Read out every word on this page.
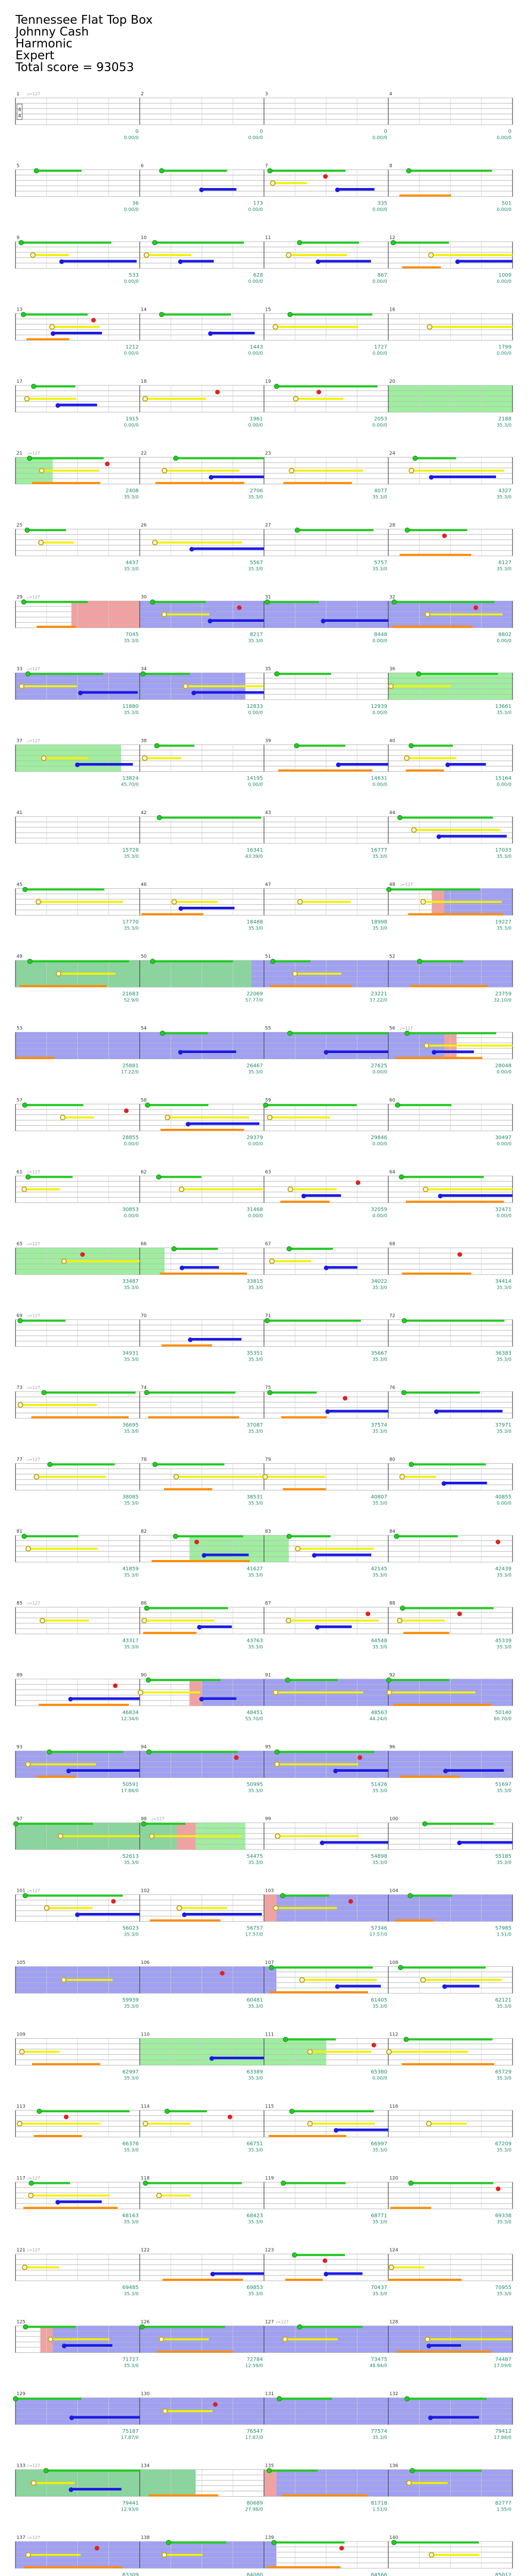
Tennessee Flat Top Box
Johnny Cash
Harmonic
Expert
Total score = 93053
1 ♩=127
0
0.00/0
2
0
0.00/0
3
0
0.00/0
4
0
0.00/0
4
4
5
36
0.00/0
6
173
0.00/0
7
335
0.00/0
8
501
0.00/0
9
533
0.00/0
10
628
0.00/0
11
867
0.00/0
12
1009
0.00/0
13
1212
0.00/0
14
1443
0.00/0
15
1727
0.00/0
16
1799
0.00/0
17
1915
0.00/0
18
1961
0.00/0
19
2053
0.00/0
20
2188
35.3/0
21 ♩=127
2408
35.3/0
22
2706
35.3/0
23
4077
35.3/0
24
4327
35.3/0
25
4437
35.3/0
26
5567
35.3/0
27
5757
35.3/0
28
6127
35.3/0
29 ♩=127
7045
35.3/0
30
8217
35.3/0
31
8448
0.00/0
32
8802
0.00/0
33 ♩=127
11880
35.3/0
34
12833
0.00/0
35
12939
0.00/0
36
13661
35.3/0
37 ♩=127
13824
45.70/0
38
14195
0.00/0
39
14631
0.00/0
40
15164
0.00/0
41
15728
35.3/0
42
16341
43.39/0
43
16777
35.3/0
44
17033
35.3/0
45
17770
35.3/0
46
18488
35.3/0
47
18998
35.3/0
48 ♩=127
19227
35.3/0
49
21683
52.9/0
50
22069
57.77/0
51
23221
37.22/0
52
23759
32.10/0
53
25881
17.22/0
54
26467
35.3/0
55
27625
0.00/0
56 ♩=127
28048
0.00/0
57
28855
0.00/0
58
29379
0.00/0
59
29846
0.00/0
60
30497
0.00/0
61 ♩=127
30853
0.00/0
62
31468
0.00/0
63
32059
0.00/0
64
32471
0.00/0
65 ♩=127
33487
35.3/0
66
33815
35.3/0
67
34022
35.3/0
68
34414
35.3/0
69 ♩=127
34931
35.3/0
70
35351
35.3/0
71
35667
35.3/0
72
36383
35.3/0
73 ♩=127
36695
35.3/0
74
37087
35.3/0
75
37574
35.3/0
76
37971
35.3/0
77 ♩=127
38085
35.3/0
78
38531
35.3/0
79
40807
35.3/0
80
40855
0.00/0
81
41859
35.3/0
82
41627
35.3/0
83
42145
35.3/0
84
42439
35.3/0
85 ♩=127
43317
35.3/0
86
43763
35.3/0
87
44548
35.3/0
88
45339
35.3/0
89
46834
12.34/0
90
48451
55.70/0
91
48563
44.24/0
92
50140
60.70/0
93
50591
17.88/0
94
50995
35.3/0
95
51426
35.3/0
96
51697
35.3/0
97
52613
35.3/0
98 ♩=127
54475
35.3/0
99
54898
35.3/0
100
55185
35.3/0
101 ♩=127
56023
35.3/0
102
56757
17.57/0
103
57346
17.57/0
104
57985
1.51/0
105
59939
35.3/0
106
60481
35.3/0
107
61405
35.3/0
108
62121
35.3/0
109
62997
35.3/0
110
63389
35.3/0
111
65380
0.00/0
112
65729
35.3/0
113
66376
35.3/0
114
66751
35.3/0
115
66997
35.3/0
116
67209
35.3/0
117 ♩=127
68163
35.3/0
118
68423
35.3/0
119
68771
35.3/0
120
69338
35.3/0
121 ♩=127
69485
35.3/0
122
69853
35.3/0
123
70437
35.3/0
124
70955
35.3/0
125
71727
35.3/0
126
72784
12.59/0
127 ♩=127
73475
48.94/0
128
74487
17.09/0
129
75187
17.87/0
130
76547
17.87/0
131
77574
35.3/0
132
79412
17.88/0
133 ♩=127
79441
12.93/0
134
80689
27.98/0
135
81718
1.51/0
136
82777
1.55/0
137 ♩=127
83309
138
84080
139
84566
140
85012
